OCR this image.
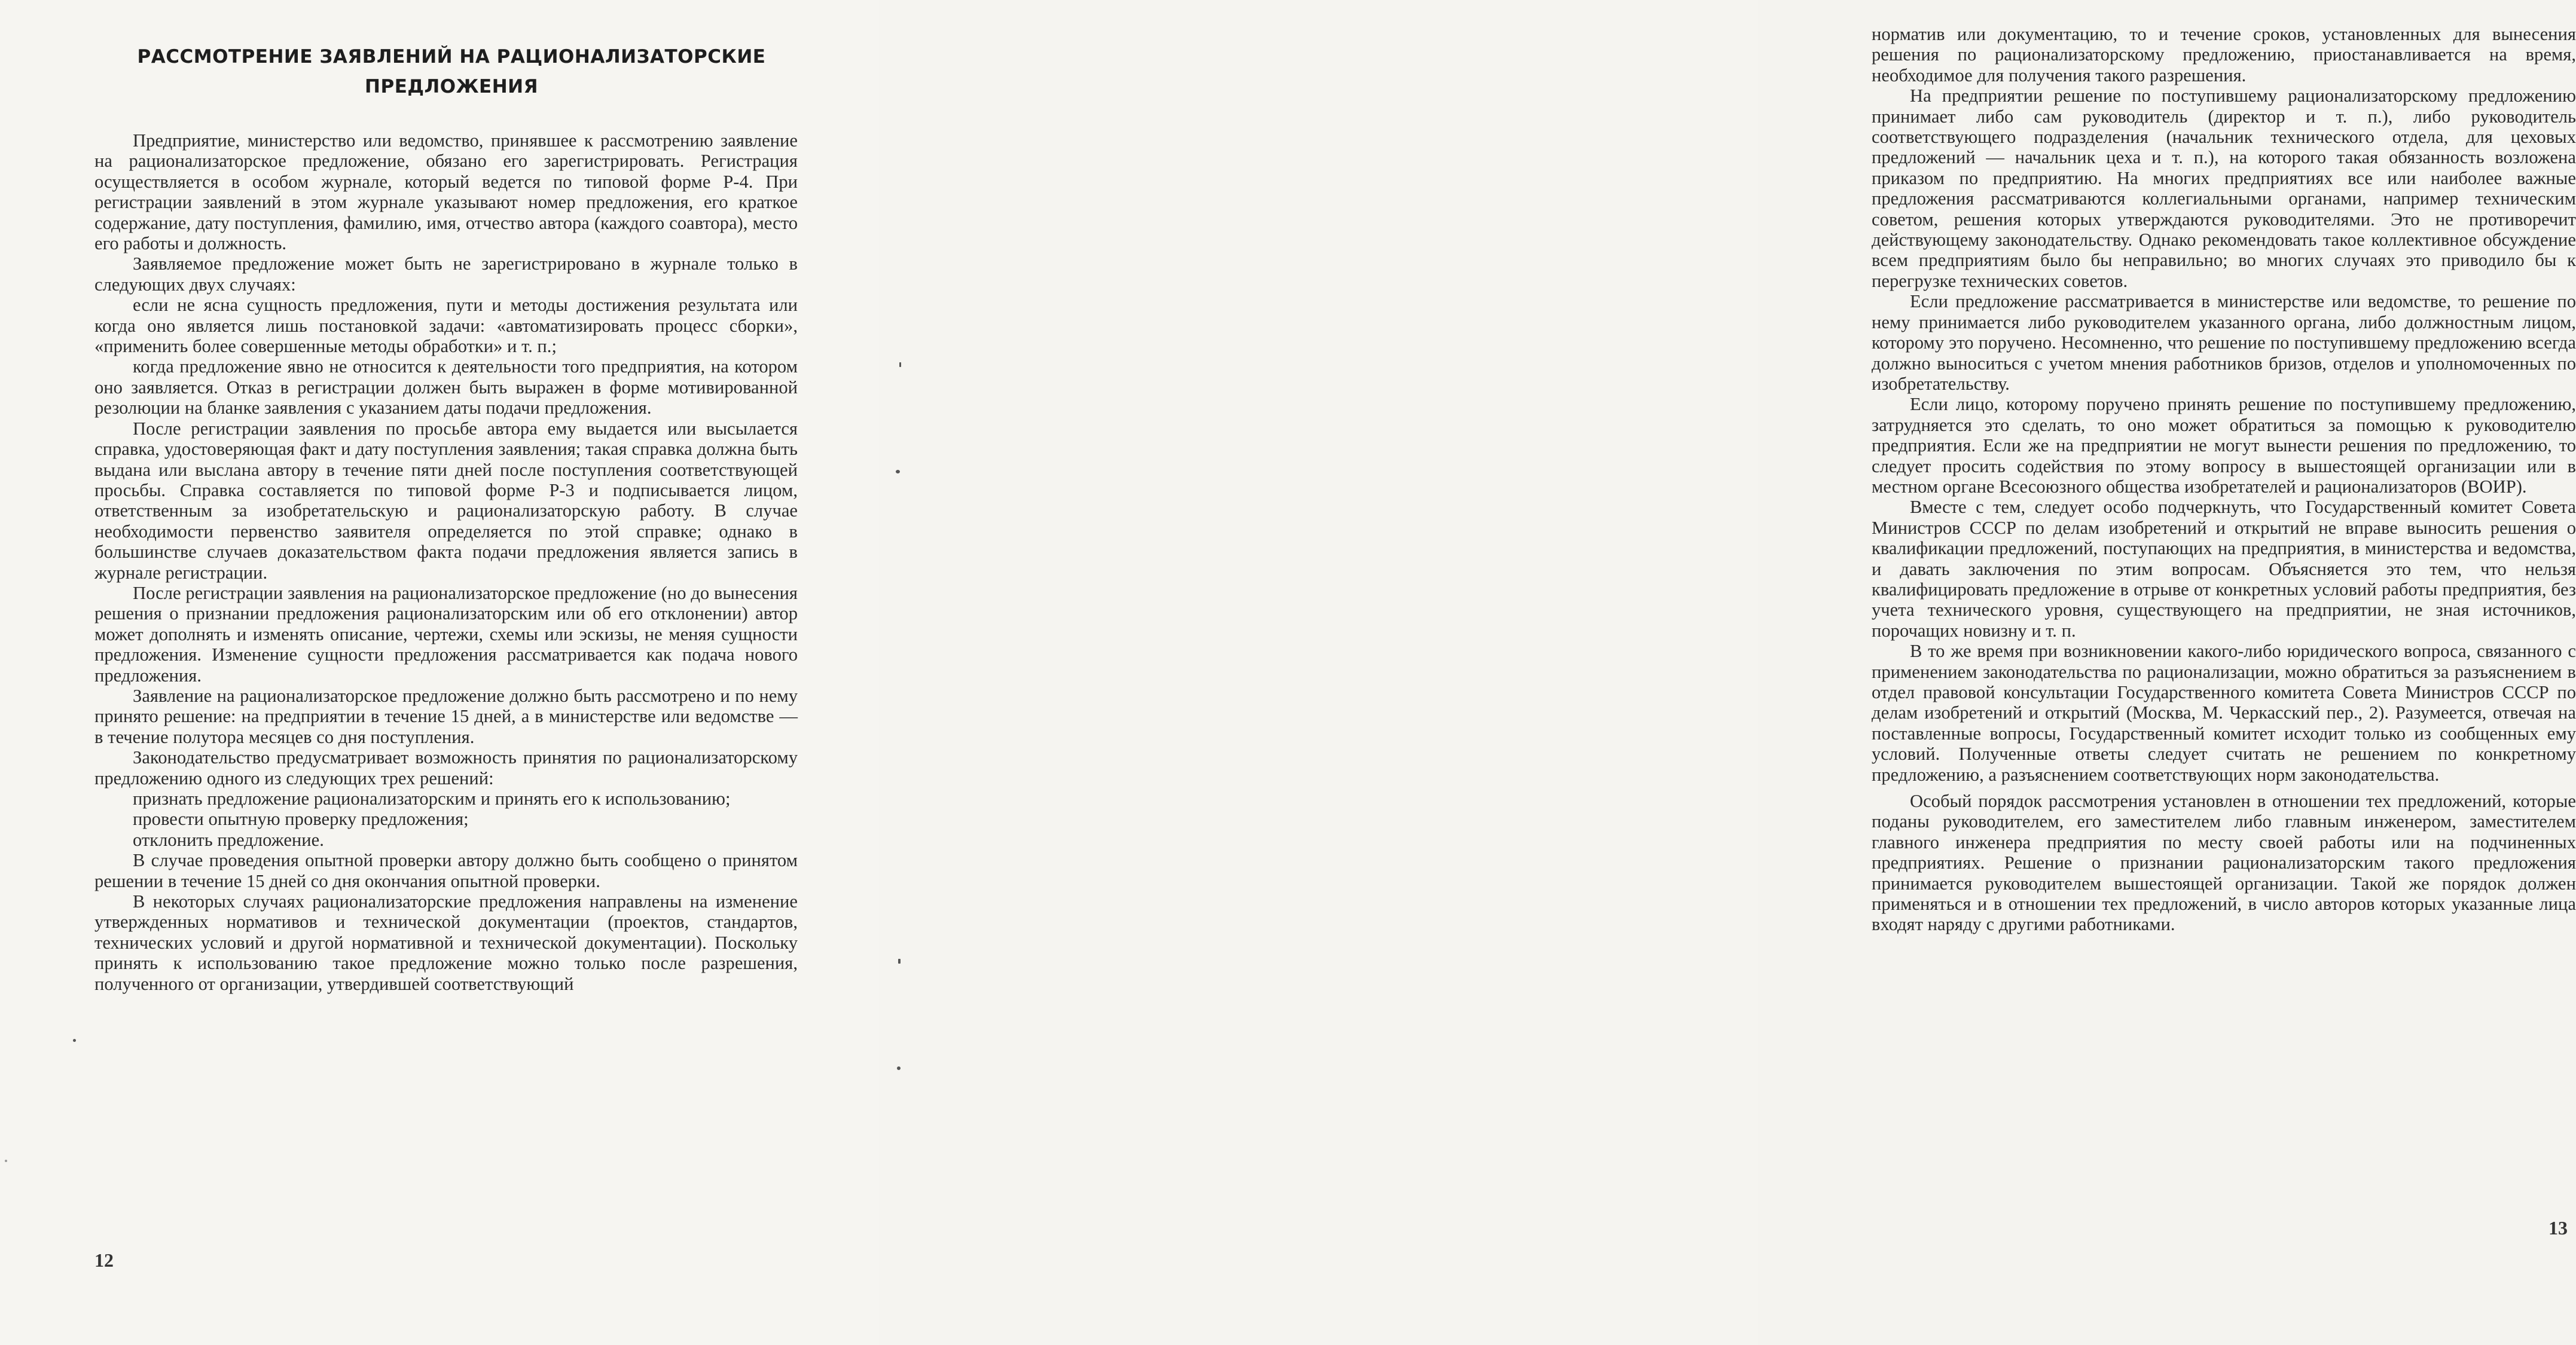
РАССМОТРЕНИЕ ЗАЯВЛЕНИЙ НА РАЦИОНАЛИЗАТОРСКИЕ
ПРЕДЛОЖЕНИЯ

Предприятие, министерство или ведомство, принявшее к рассмотрению заявление на рационализаторское предложение, обязано его зарегистрировать. Регистрация осуществляется в особом журнале, который ведется по типовой форме Р-4. При регистрации заявлений в этом журнале указывают номер предложения, его краткое содержание, дату поступления, фамилию, имя, отчество автора (каждого соавтора), место его работы и должность.

Заявляемое предложение может быть не зарегистрировано в журнале только в следующих двух случаях:

если не ясна сущность предложения, пути и методы достижения результата или когда оно является лишь постановкой задачи: «автоматизировать процесс сборки», «применить более совершенные методы обработки» и т. п.;

когда предложение явно не относится к деятельности того предприятия, на котором оно заявляется. Отказ в регистрации должен быть выражен в форме мотивированной резолюции на бланке заявления с указанием даты подачи предложения.

После регистрации заявления по просьбе автора ему выдается или высылается справка, удостоверяющая факт и дату поступления заявления; такая справка должна быть выдана или выслана автору в течение пяти дней после поступления соответствующей просьбы. Справка составляется по типовой форме Р-3 и подписывается лицом, ответственным за изобретательскую и рационализаторскую работу. В случае необходимости первенство заявителя определяется по этой справке; однако в большинстве случаев доказательством факта подачи предложения является запись в журнале регистрации.

После регистрации заявления на рационализаторское предложение (но до вынесения решения о признании предложения рационализаторским или об его отклонении) автор может дополнять и изменять описание, чертежи, схемы или эскизы, не меняя сущности предложения. Изменение сущности предложения рассматривается как подача нового предложения.

Заявление на рационализаторское предложение должно быть рассмотрено и по нему принято решение: на предприятии в течение 15 дней, а в министерстве или ведомстве — в течение полутора месяцев со дня поступления.

Законодательство предусматривает возможность принятия по рационализаторскому предложению одного из следующих трех решений:

признать предложение рационализаторским и принять его к использованию;

провести опытную проверку предложения;

отклонить предложение.

В случае проведения опытной проверки автору должно быть сообщено о принятом решении в течение 15 дней со дня окончания опытной проверки.

В некоторых случаях рационализаторские предложения направлены на изменение утвержденных нормативов и технической документации (проектов, стандартов, технических условий и другой нормативной и технической документации). Поскольку принять к использованию такое предложение можно только после разрешения, полученного от организации, утвердившей соответствующий

12

норматив или документацию, то и течение сроков, установленных для вынесения решения по рационализаторскому предложению, приостанавливается на время, необходимое для получения такого разрешения.

На предприятии решение по поступившему рационализаторскому предложению принимает либо сам руководитель (директор и т. п.), либо руководитель соответствующего подразделения (начальник технического отдела, для цеховых предложений — начальник цеха и т. п.), на которого такая обязанность возложена приказом по предприятию. На многих предприятиях все или наиболее важные предложения рассматриваются коллегиальными органами, например техническим советом, решения которых утверждаются руководителями. Это не противоречит действующему законодательству. Однако рекомендовать такое коллективное обсуждение всем предприятиям было бы неправильно; во многих случаях это приводило бы к перегрузке технических советов.

Если предложение рассматривается в министерстве или ведомстве, то решение по нему принимается либо руководителем указанного органа, либо должностным лицом, которому это поручено. Несомненно, что решение по поступившему предложению всегда должно выноситься с учетом мнения работников бризов, отделов и уполномоченных по изобретательству.

Если лицо, которому поручено принять решение по поступившему предложению, затрудняется это сделать, то оно может обратиться за помощью к руководителю предприятия. Если же на предприятии не могут вынести решения по предложению, то следует просить содействия по этому вопросу в вышестоящей организации или в местном органе Всесоюзного общества изобретателей и рационализаторов (ВОИР).

Вместе с тем, следует особо подчеркнуть, что Государственный комитет Совета Министров СССР по делам изобретений и открытий не вправе выносить решения о квалификации предложений, поступающих на предприятия, в министерства и ведомства, и давать заключения по этим вопросам. Объясняется это тем, что нельзя квалифицировать предложение в отрыве от конкретных условий работы предприятия, без учета технического уровня, существующего на предприятии, не зная источников, порочащих новизну и т. п.

В то же время при возникновении какого-либо юридического вопроса, связанного с применением законодательства по рационализации, можно обратиться за разъяснением в отдел правовой консультации Государственного комитета Совета Министров СССР по делам изобретений и открытий (Москва, М. Черкасский пер., 2). Разумеется, отвечая на поставленные вопросы, Государственный комитет исходит только из сообщенных ему условий. Полученные ответы следует считать не решением по конкретному предложению, а разъяснением соответствующих норм законодательства.

Особый порядок рассмотрения установлен в отношении тех предложений, которые поданы руководителем, его заместителем либо главным инженером, заместителем главного инженера предприятия по месту своей работы или на подчиненных предприятиях. Решение о признании рационализаторским такого предложения принимается руководителем вышестоящей организации. Такой же порядок должен применяться и в отношении тех предложений, в число авторов которых указанные лица входят наряду с другими работниками.

13
